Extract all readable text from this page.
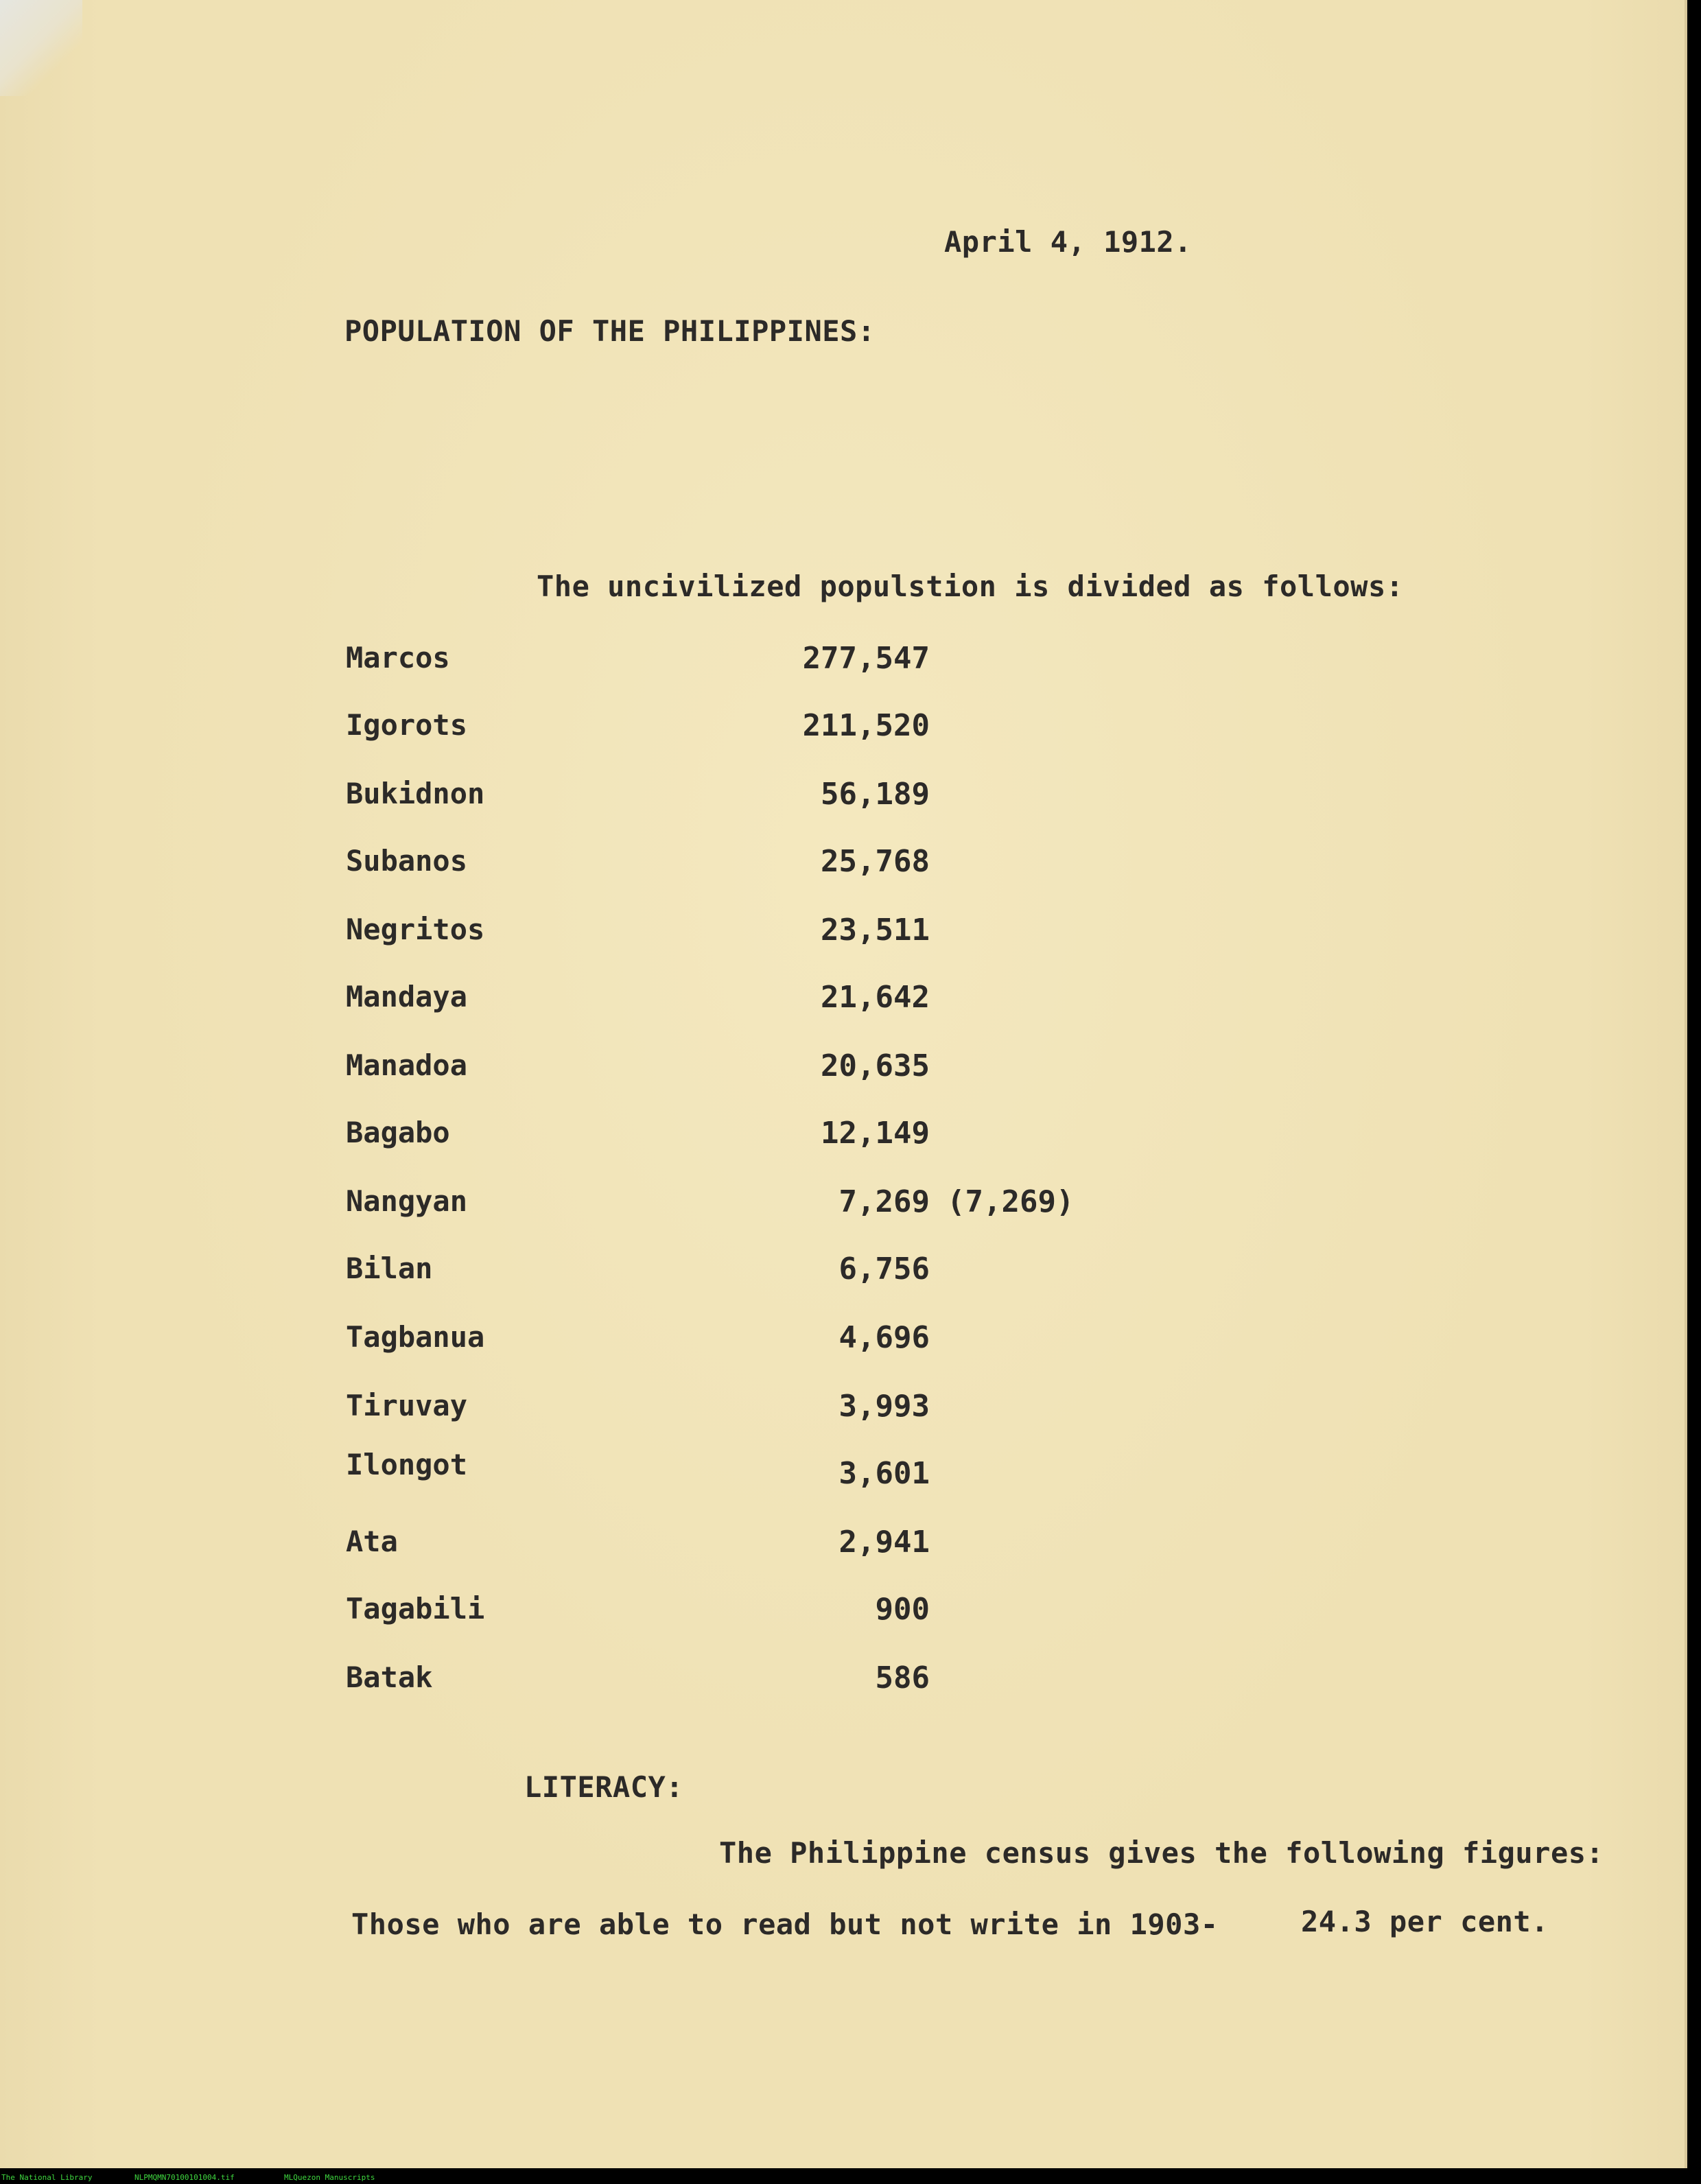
April 4, 1912.
POPULATION OF THE PHILIPPINES:
The uncivilized populstion is divided as follows:
Marcos	277,547
Igorots	211,520
Bukidnon	56,189
Subanos	25,768
Negritos	23,511
Mandaya	21,642
Manadoa	20,635
Bagabo	12,149
Nangyan	7,269 (7,269)
Bilan	6,756
Tagbanua	4,696
Tiruvay	3,993
Ilongot	3,601
Ata	2,941
Tagabili	900
Batak	586
LITERACY:
The Philippine census gives the following figures:
Those who are able to read but not write in 1903-	24.3 per cent.
The National Library	NLPMQMN70100101004.tif	MLQuezon Manuscripts
